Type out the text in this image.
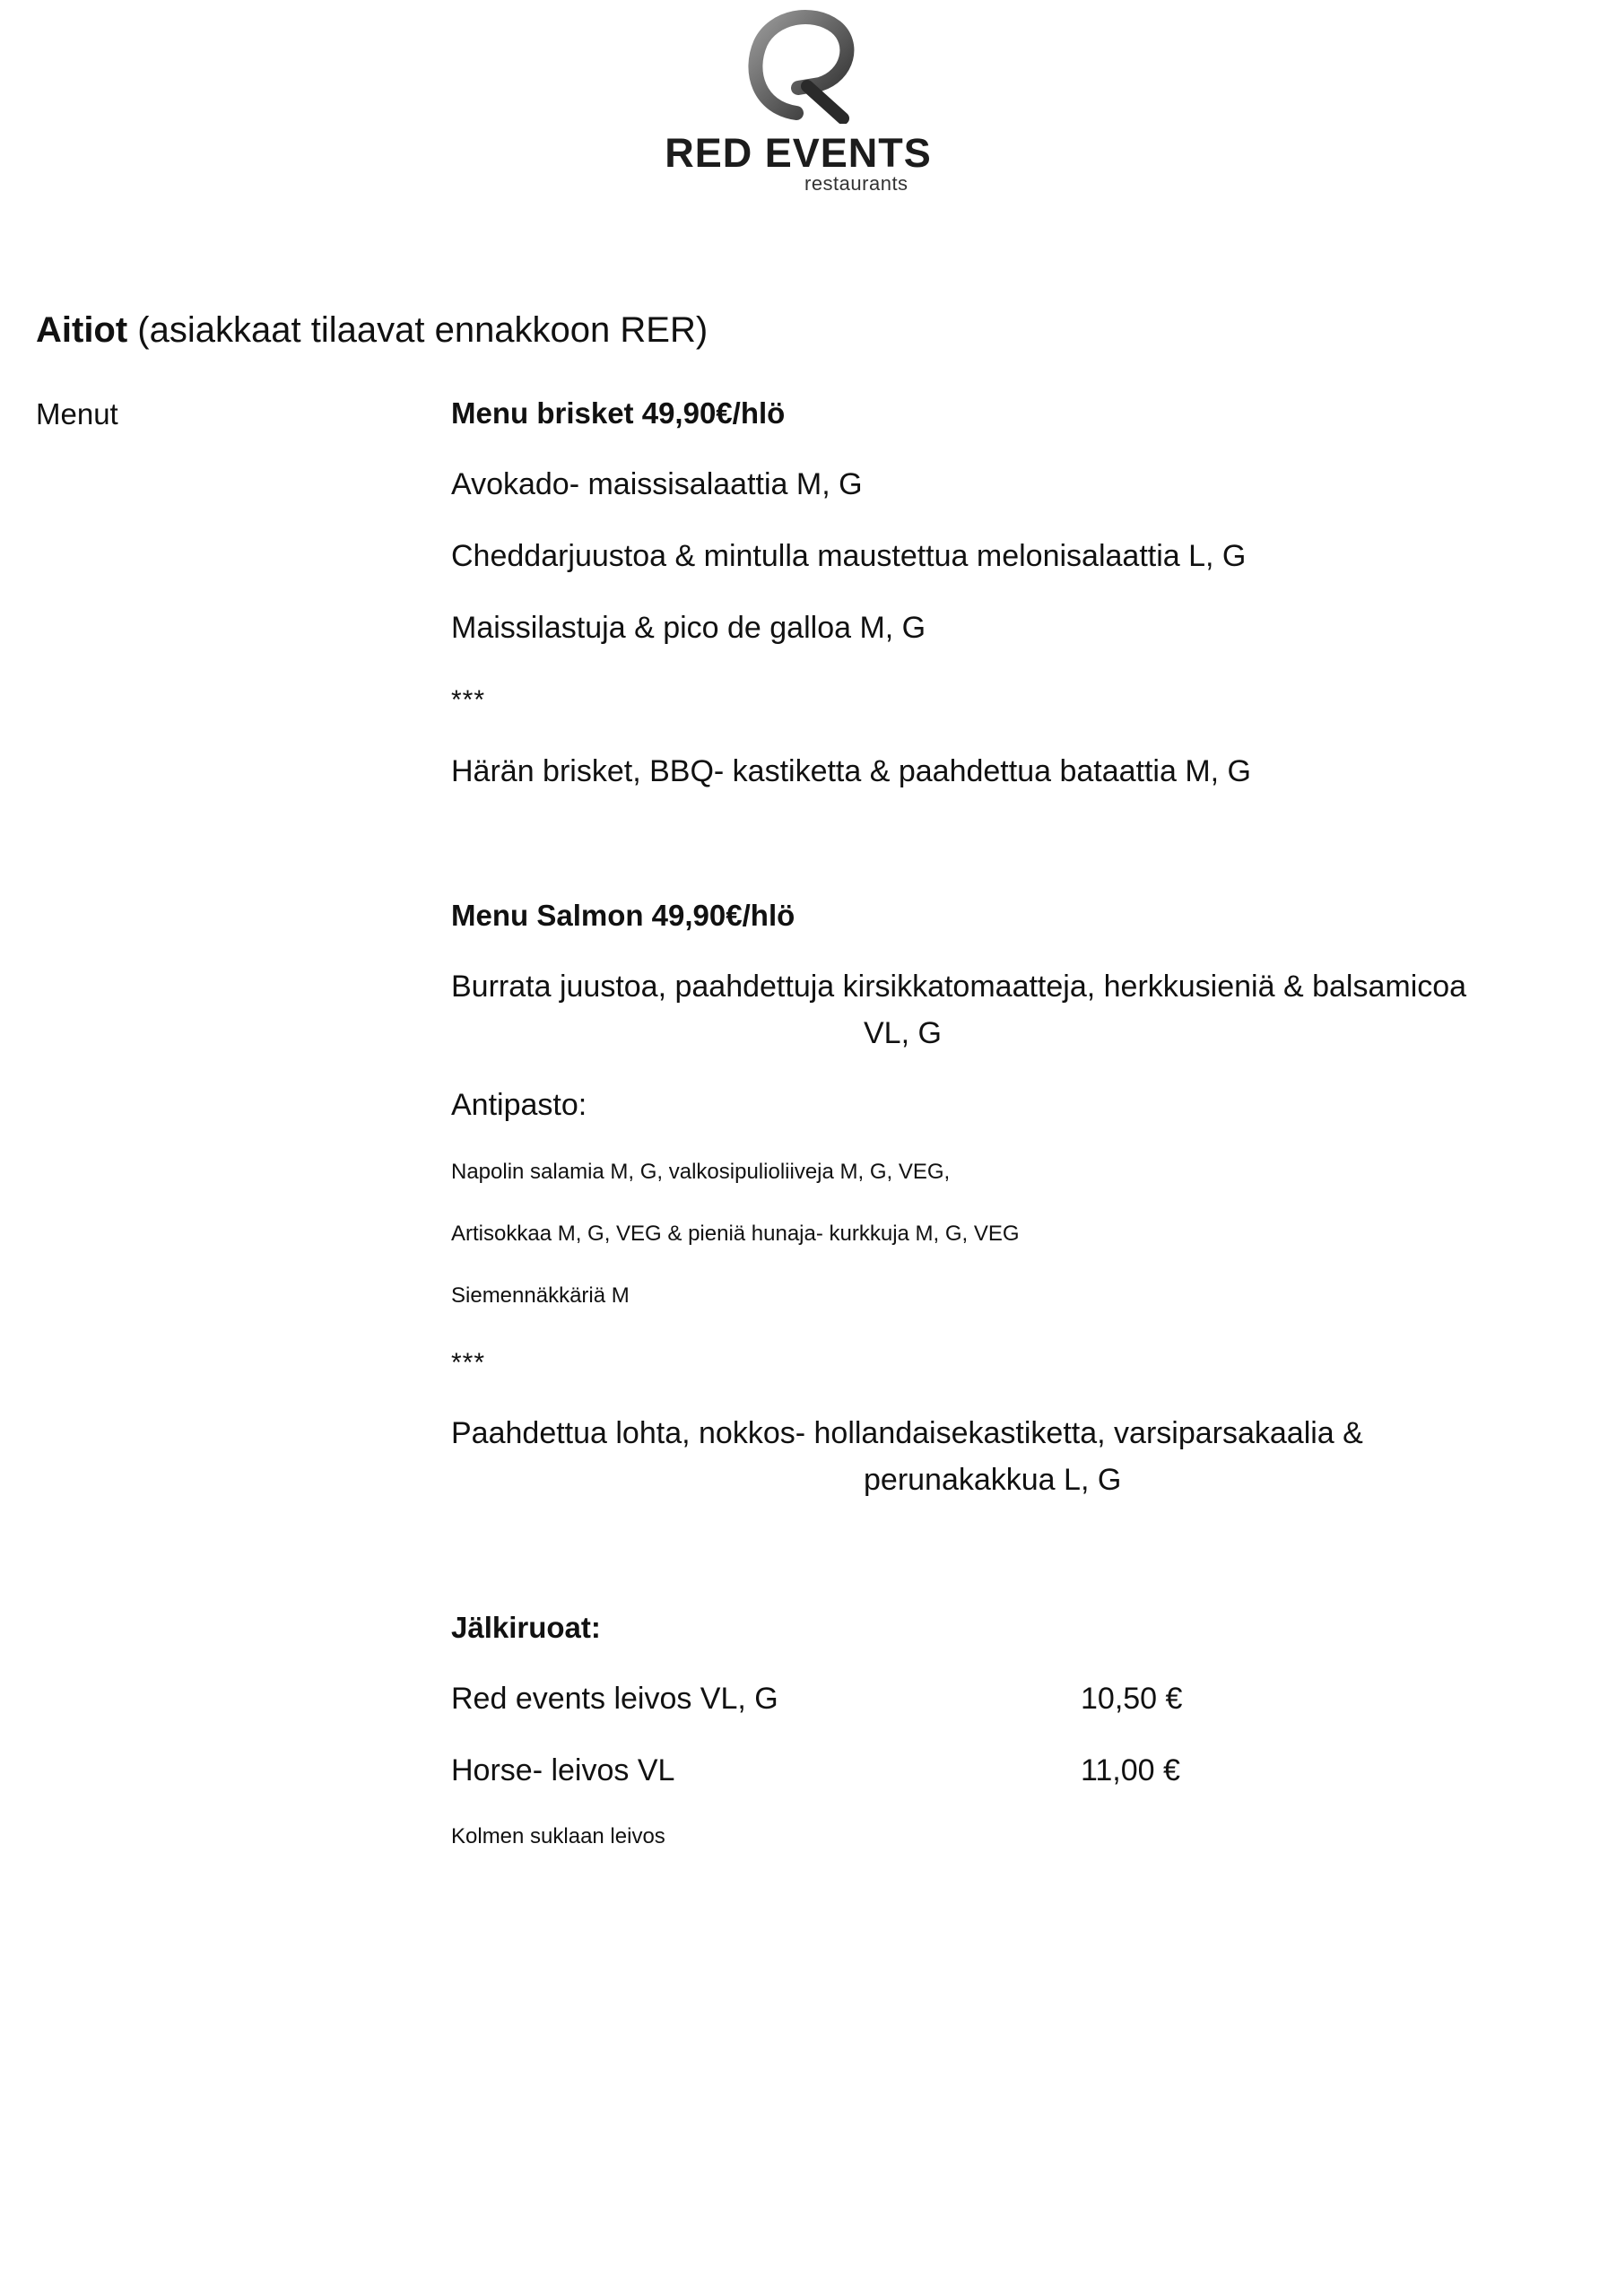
RED EVENTS
restaurants
Aitiot (asiakkaat tilaavat ennakkoon RER)
Menut	Menu brisket 49,90€/hlö
Avokado- maissisalaattia M, G
Cheddarjuustoa & mintulla maustettua melonisalaattia L, G
Maissilastuja & pico de galloa M, G
***
Härän brisket, BBQ- kastiketta & paahdettua bataattia M, G
Menu Salmon 49,90€/hlö
Burrata juustoa, paahdettuja kirsikkatomaatteja, herkkusieniä & balsamicoa
VL, G
Antipasto:
Napolin salamia M, G, valkosipulioliiveja M, G, VEG,
Artisokkaa M, G, VEG & pieniä hunaja- kurkkuja M, G, VEG
Siemennäkkäriä M
***
Paahdettua lohta, nokkos- hollandaisekastiketta, varsiparsakaalia &
perunakakkua L, G
Jälkiruoat:
Red events leivos VL, G	10,50 €
Horse- leivos VL	11,00 €
Kolmen suklaan leivos
